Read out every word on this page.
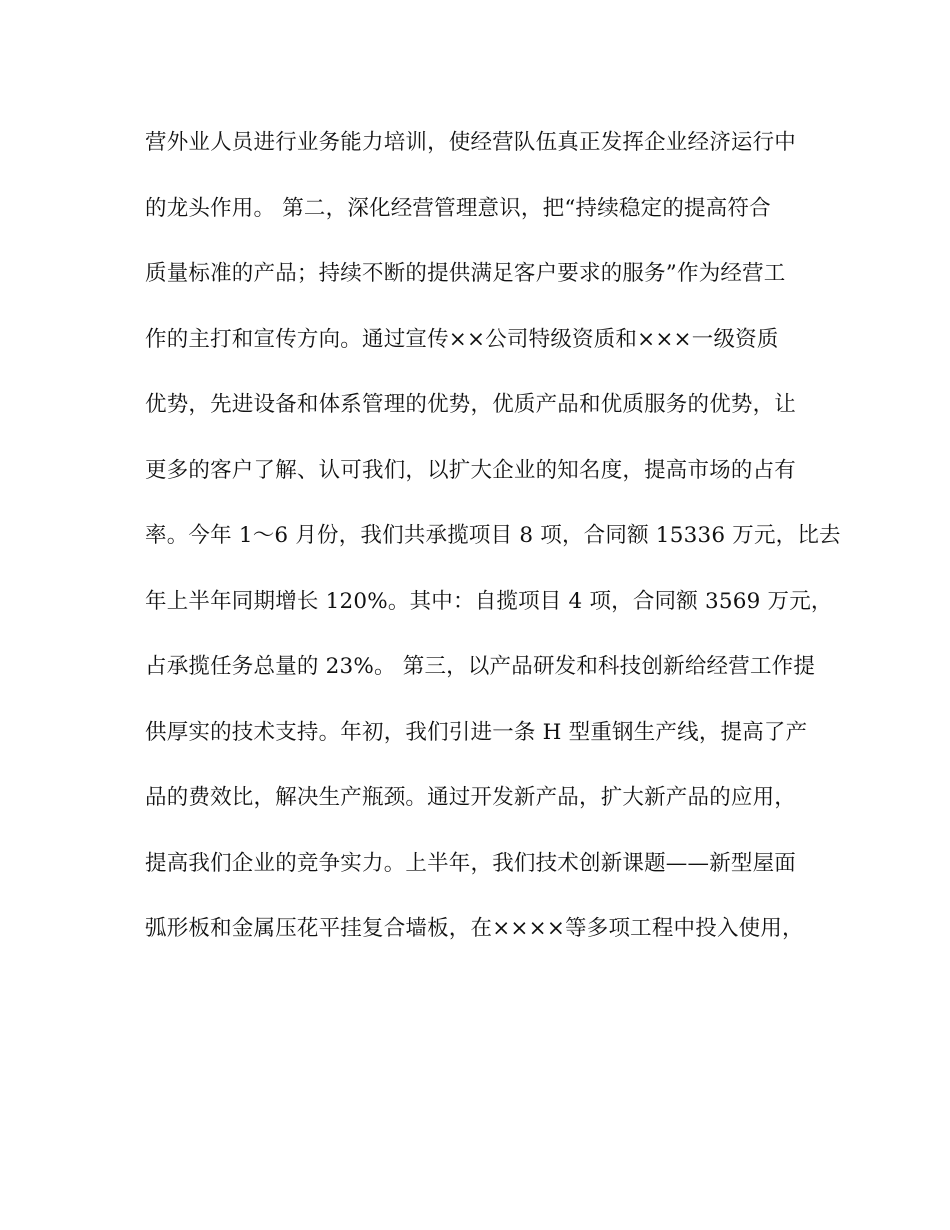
营外业人员进行业务能力培训，使经营队伍真正发挥企业经济运行中
的龙头作用。 第二，深化经营管理意识，把“持续稳定的提高符合
质量标准的产品；持续不断的提供满足客户要求的服务”作为经营工
作的主打和宣传方向。通过宣传××公司特级资质和×××一级资质
优势，先进设备和体系管理的优势，优质产品和优质服务的优势，让
更多的客户了解、认可我们，以扩大企业的知名度，提高市场的占有
率。今年 1～6 月份，我们共承揽项目 8 项，合同额 15336 万元，比去
年上半年同期增长 120%。其中：自揽项目 4 项，合同额 3569 万元，
占承揽任务总量的 23%。 第三，以产品研发和科技创新给经营工作提
供厚实的技术支持。年初，我们引进一条 H 型重钢生产线，提高了产
品的费效比，解决生产瓶颈。通过开发新产品，扩大新产品的应用，
提高我们企业的竞争实力。上半年，我们技术创新课题——新型屋面
弧形板和金属压花平挂复合墙板，在××××等多项工程中投入使用，
